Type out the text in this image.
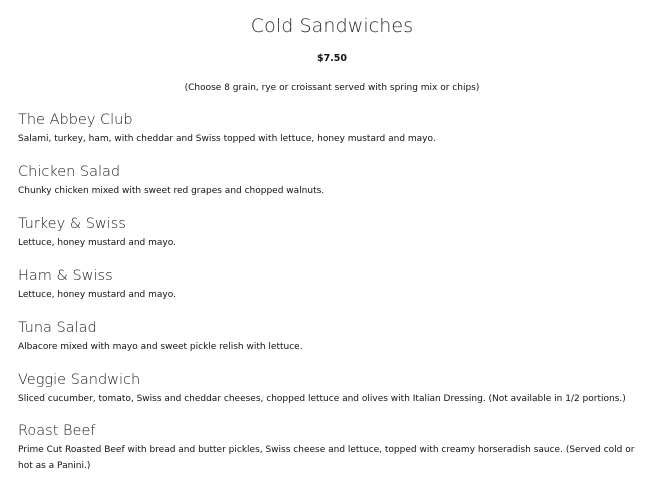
Cold Sandwiches
$7.50
(Choose 8 grain, rye or croissant served with spring mix or chips)
The Abbey Club
Salami, turkey, ham, with cheddar and Swiss topped with lettuce, honey mustard and mayo.
Chicken Salad
Chunky chicken mixed with sweet red grapes and chopped walnuts.
Turkey & Swiss
Lettuce, honey mustard and mayo.
Ham & Swiss
Lettuce, honey mustard and mayo.
Tuna Salad
Albacore mixed with mayo and sweet pickle relish with lettuce.
Veggie Sandwich
Sliced cucumber, tomato, Swiss and cheddar cheeses, chopped lettuce and olives with Italian Dressing. (Not available in 1/2 portions.)
Roast Beef
Prime Cut Roasted Beef with bread and butter pickles, Swiss cheese and lettuce, topped with creamy horseradish sauce. (Served cold or hot as a Panini.)
